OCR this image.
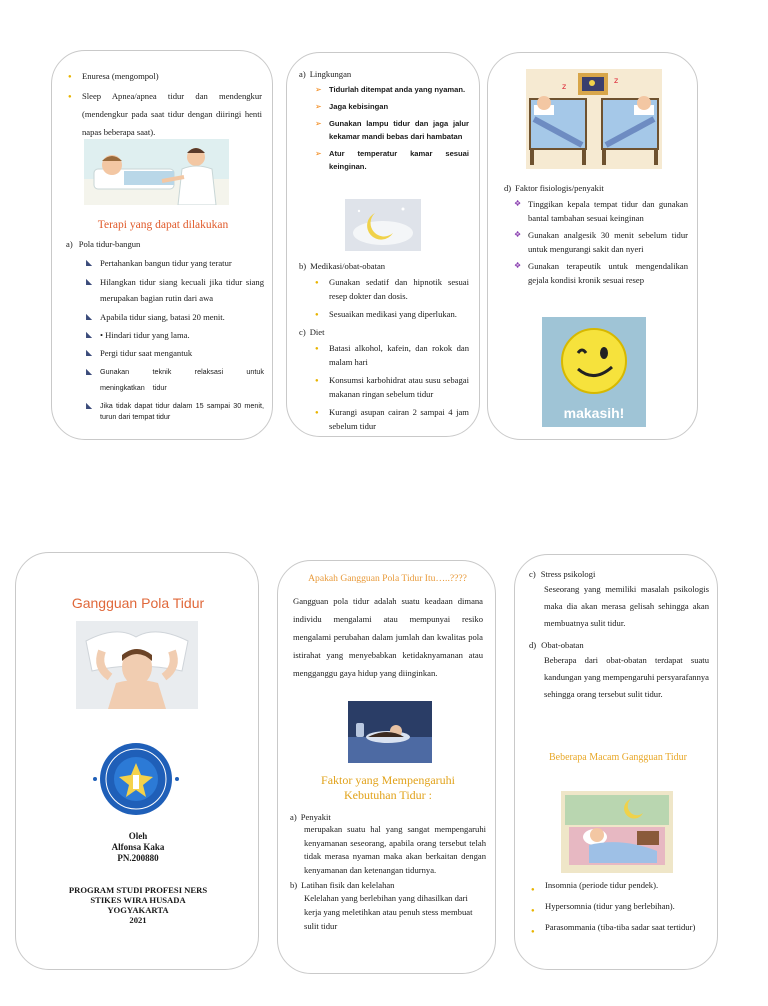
● Enuresa (mengompol)
● Sleep Apnea/apnea tidur dan mendengkur (mendengkur pada saat tidur dengan diiringi henti napas beberapa saat).
Terapi yang dapat dilakukan
a) Pola tidur-bangun
◣ Pertahankan bangun tidur yang teratur
◣ Hilangkan tidur siang kecuali jika tidur siang merupakan bagian rutin dari awa
◣ Apabila tidur siang, batasi 20 menit.
◣ • Hindari tidur yang lama.
◣ Pergi tidur saat mengantuk
◣ Gunakan teknik relaksasi untuk meningkatkan tidur
◣ Jika tidak dapat tidur dalam 15 sampai 30 menit, turun dari tempat tidur
a) Lingkungan
➢ Tidurlah ditempat anda yang nyaman.
➢ Jaga kebisingan
➢ Gunakan lampu tidur dan jaga jalur kekamar mandi bebas dari hambatan
➢ Atur temperatur kamar sesuai keinginan.
b) Medikasi/obat-obatan
● Gunakan sedatif dan hipnotik sesuai resep dokter dan dosis.
● Sesuaikan medikasi yang diperlukan.
c) Diet
● Batasi alkohol, kafein, dan rokok dan malam hari
● Konsumsi karbohidrat atau susu sebagai makanan ringan sebelum tidur
● Kurangi asupan cairan 2 sampai 4 jam sebelum tidur
z
z
d) Faktor fisiologis/penyakit
❖ Tinggikan kepala tempat tidur dan gunakan bantal tambahan sesuai keinginan
❖ Gunakan analgesik 30 menit sebelum tidur untuk mengurangi sakit dan nyeri
❖ Gunakan terapeutik untuk mengendalikan gejala kondisi kronik sesuai resep
makasih!
Gangguan Pola Tidur
Oleh
Alfonsa Kaka
PN.200880
PROGRAM STUDI PROFESI NERS
STIKES WIRA HUSADA
YOGYAKARTA
2021
Apakah Gangguan Pola Tidur Itu…..????
Gangguan pola tidur adalah suatu keadaan dimana individu mengalami atau mempunyai resiko mengalami perubahan dalam jumlah dan kwalitas pola istirahat yang menyebabkan ketidaknyamanan atau mengganggu gaya hidup yang diinginkan.
Faktor yang Mempengaruhi Kebutuhan Tidur :
a) Penyakit
merupakan suatu hal yang sangat mempengaruhi kenyamanan seseorang, apabila orang tersebut telah tidak merasa nyaman maka akan berkaitan dengan kenyamanan dan ketenangan tidurnya.
b) Latihan fisik dan kelelahan
Kelelahan yang berlebihan yang dihasilkan dari kerja yang meletihkan atau penuh stess membuat sulit tidur
c) Stress psikologi
Seseorang yang memiliki masalah psikologis maka dia akan merasa gelisah sehingga akan membuatnya sulit tidur.
d) Obat-obatan
Beberapa dari obat-obatan terdapat suatu kandungan yang mempengaruhi persyarafannya sehingga orang tersebut sulit tidur.
Beberapa Macam Gangguan Tidur
● Insomnia (periode tidur pendek).
● Hypersomnia (tidur yang berlebihan).
● Parasommania (tiba-tiba sadar saat tertidur)
